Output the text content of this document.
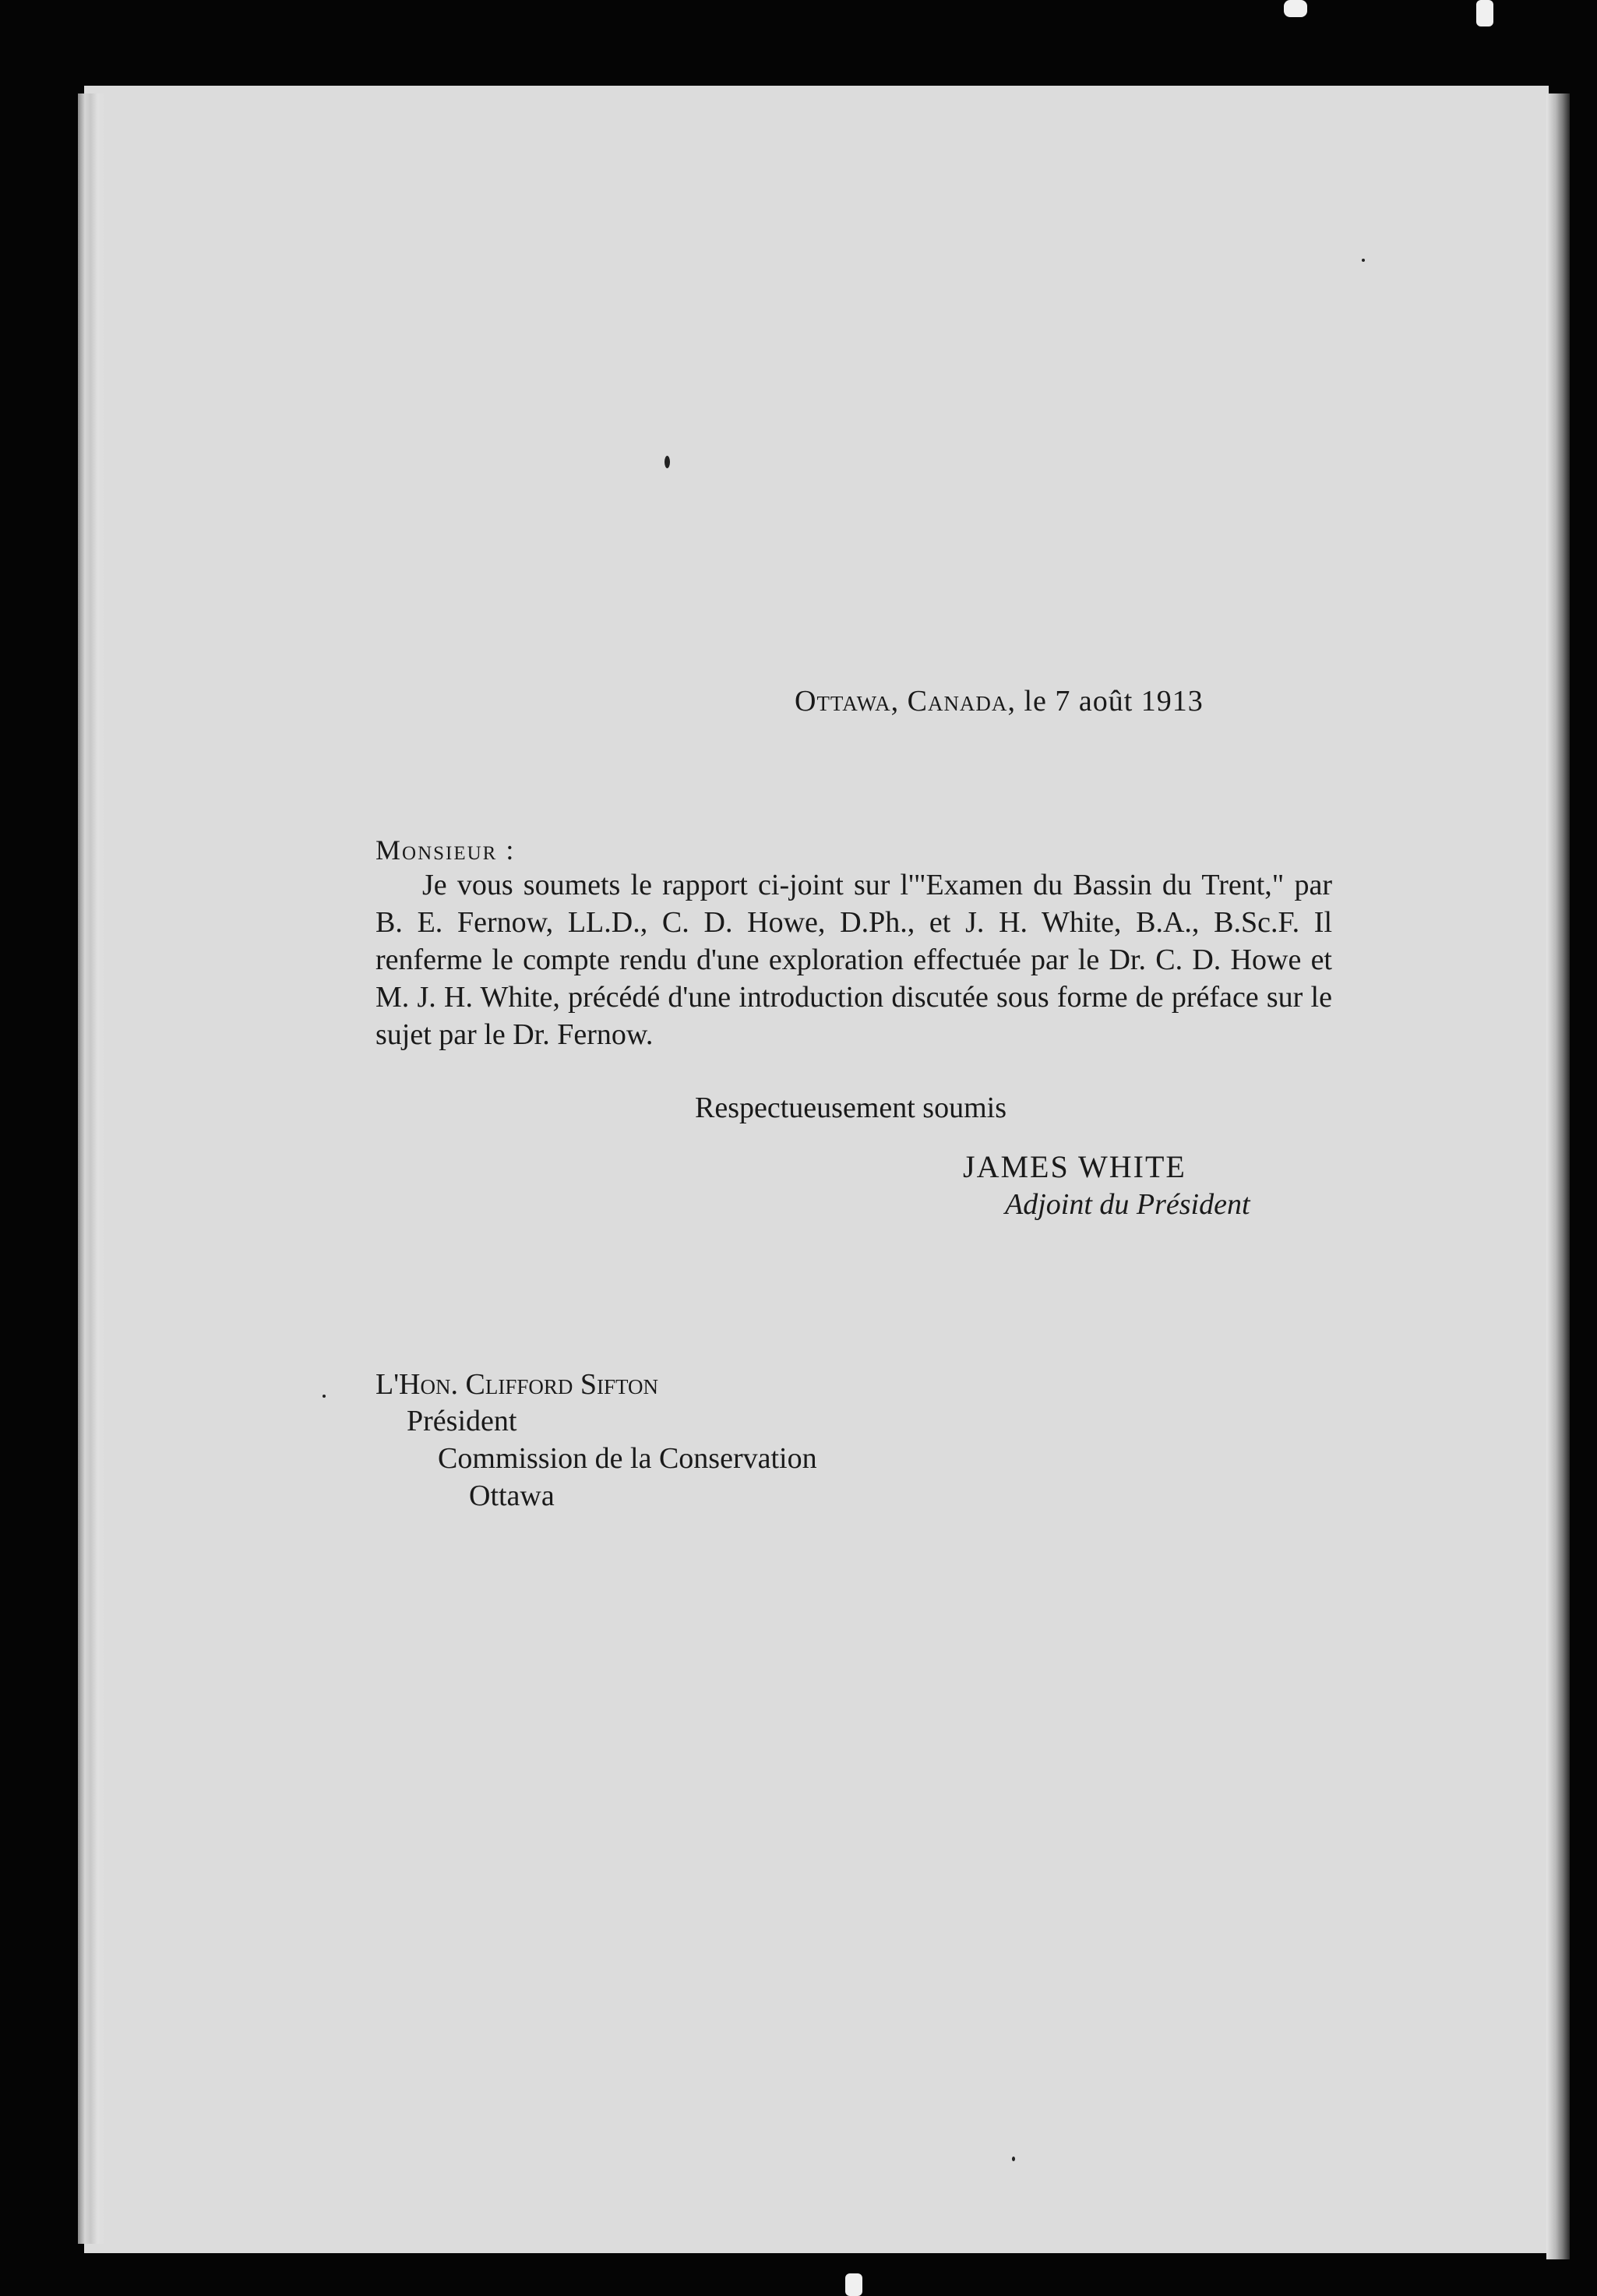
Ottawa, Canada, le 7 août 1913
Monsieur :

Je vous soumets le rapport ci-joint sur l'"Examen du Bassin du Trent," par B. E. Fernow, LL.D., C. D. Howe, D.Ph., et J. H. White, B.A., B.Sc.F. Il renferme le compte rendu d'une exploration effectuée par le Dr. C. D. Howe et M. J. H. White, précédé d'une introduction discutée sous forme de préface sur le sujet par le Dr. Fernow.

Respectueusement soumis
JAMES WHITE
Adjoint du Président
L'Hon. Clifford Sifton
Président
Commission de la Conservation
Ottawa
